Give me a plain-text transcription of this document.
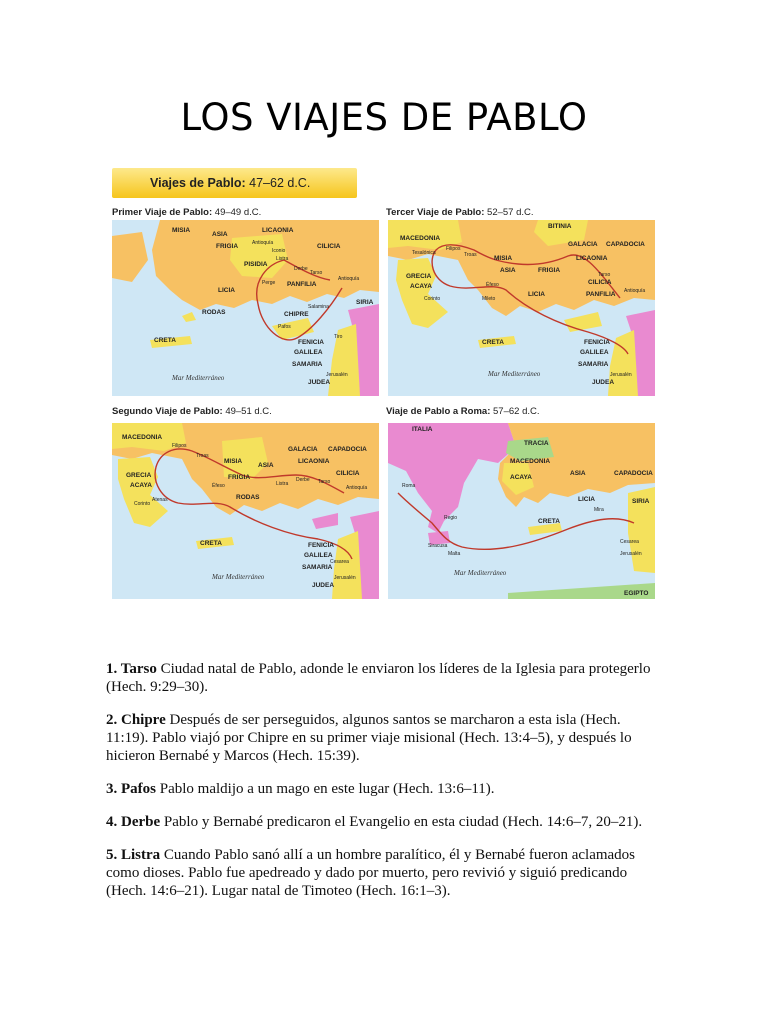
LOS VIAJES DE PABLO
Viajes de Pablo: 47–62 d.C.
Primer Viaje de Pablo: 49–49 d.C.
MISIA
ASIA
LICAONIA
FRIGIA
PISIDIA
CILICIA
LICIA
PANFILIA
RODAS	CHIPRE
SIRIA
CRETA	FENICIA
GALILEA
SAMARIA
JUDEA
Antioquía
Iconio
Listra
Derbe
Tarso
Perge
Pafos
Salamina
Antioquía
Tiro
Jerusalén
Mar Mediterráneo
Tercer Viaje de Pablo: 52–57 d.C.
BITINIA
MACEDONIA
GRECIA
ACAYA
MISIA
ASIA
GALACIA CAPADOCIA
LICAONIA
FRIGIA
CILICIA
LICIA	PANFILIA
CRETA	FENICIA
GALILEA
SAMARIA
JUDEA
Filipos
Tesalónica
Corinto
Éfeso
Mileto
Troas
Antioquía
Tarso
Jerusalén
Mar Mediterráneo
Segundo Viaje de Pablo: 49–51 d.C.
MACEDONIA
GRECIA
ACAYA
MISIA
ASIA
GALACIA CAPADOCIA
LICAONIA
FRIGIA
CILICIA
RODAS
CRETA	FENICIA
GALILEA
SAMARIA
JUDEA
Filipos
Atenas
Corinto
Troas
Éfeso
Derbe
Listra	Tarso
Antioquía
Cesarea
Jerusalén
Mar Mediterráneo
Viaje de Pablo a Roma: 57–62 d.C.
ITALIA
TRACIA
MACEDONIA
ACAYA
ASIA	CAPADOCIA
LICIA
CRETA
SIRIA
EGIPTO
Roma
Siracusa
Regio
Malta
Mira
Cesarea
Jerusalén
Mar Mediterráneo

1. Tarso Ciudad natal de Pablo, adonde le enviaron los líderes de la Iglesia para protegerlo (Hech. 9:29–30).

2. Chipre Después de ser perseguidos, algunos santos se marcharon a esta isla (Hech. 11:19). Pablo viajó por Chipre en su primer viaje misional (Hech. 13:4–5), y después lo hicieron Bernabé y Marcos (Hech. 15:39).

3. Pafos Pablo maldijo a un mago en este lugar (Hech. 13:6–11).

4. Derbe Pablo y Bernabé predicaron el Evangelio en esta ciudad (Hech. 14:6–7, 20–21).

5. Listra Cuando Pablo sanó allí a un hombre paralítico, él y Bernabé fueron aclamados como dioses. Pablo fue apedreado y dado por muerto, pero revivió y siguió predicando (Hech. 14:6–21). Lugar natal de Timoteo (Hech. 16:1–3).
